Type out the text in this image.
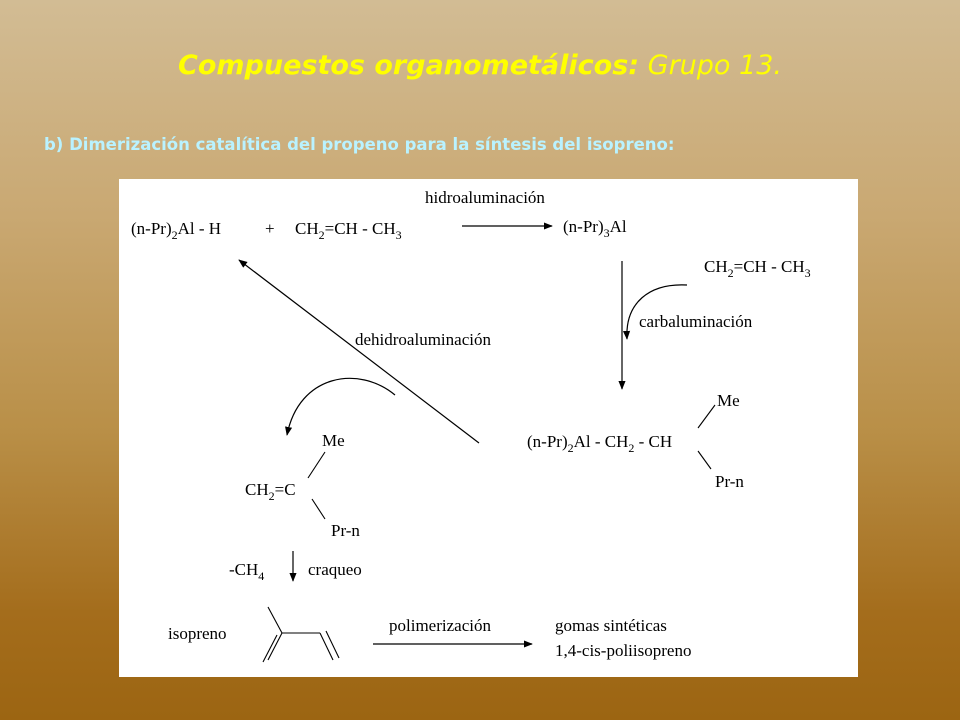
Compuestos organometálicos: Grupo 13.
b) Dimerización catalítica del propeno para la síntesis del isopreno:
$(n-Pr)_2Al$ - H	+ $CH_2=CH - CH_3$
hidroaluminación
$(n-Pr)_3Al$
$CH_2=CH - CH_3$
carbaluminación
Me
$(n-Pr)_2Al - CH_2$ - CH
Pr-n
dehidroaluminación
Me
$CH_2=C$
Pr-n
$-CH_4$	craqueo
isopreno	polimerización	gomas sintéticas
1,4-cis-poliisopreno
